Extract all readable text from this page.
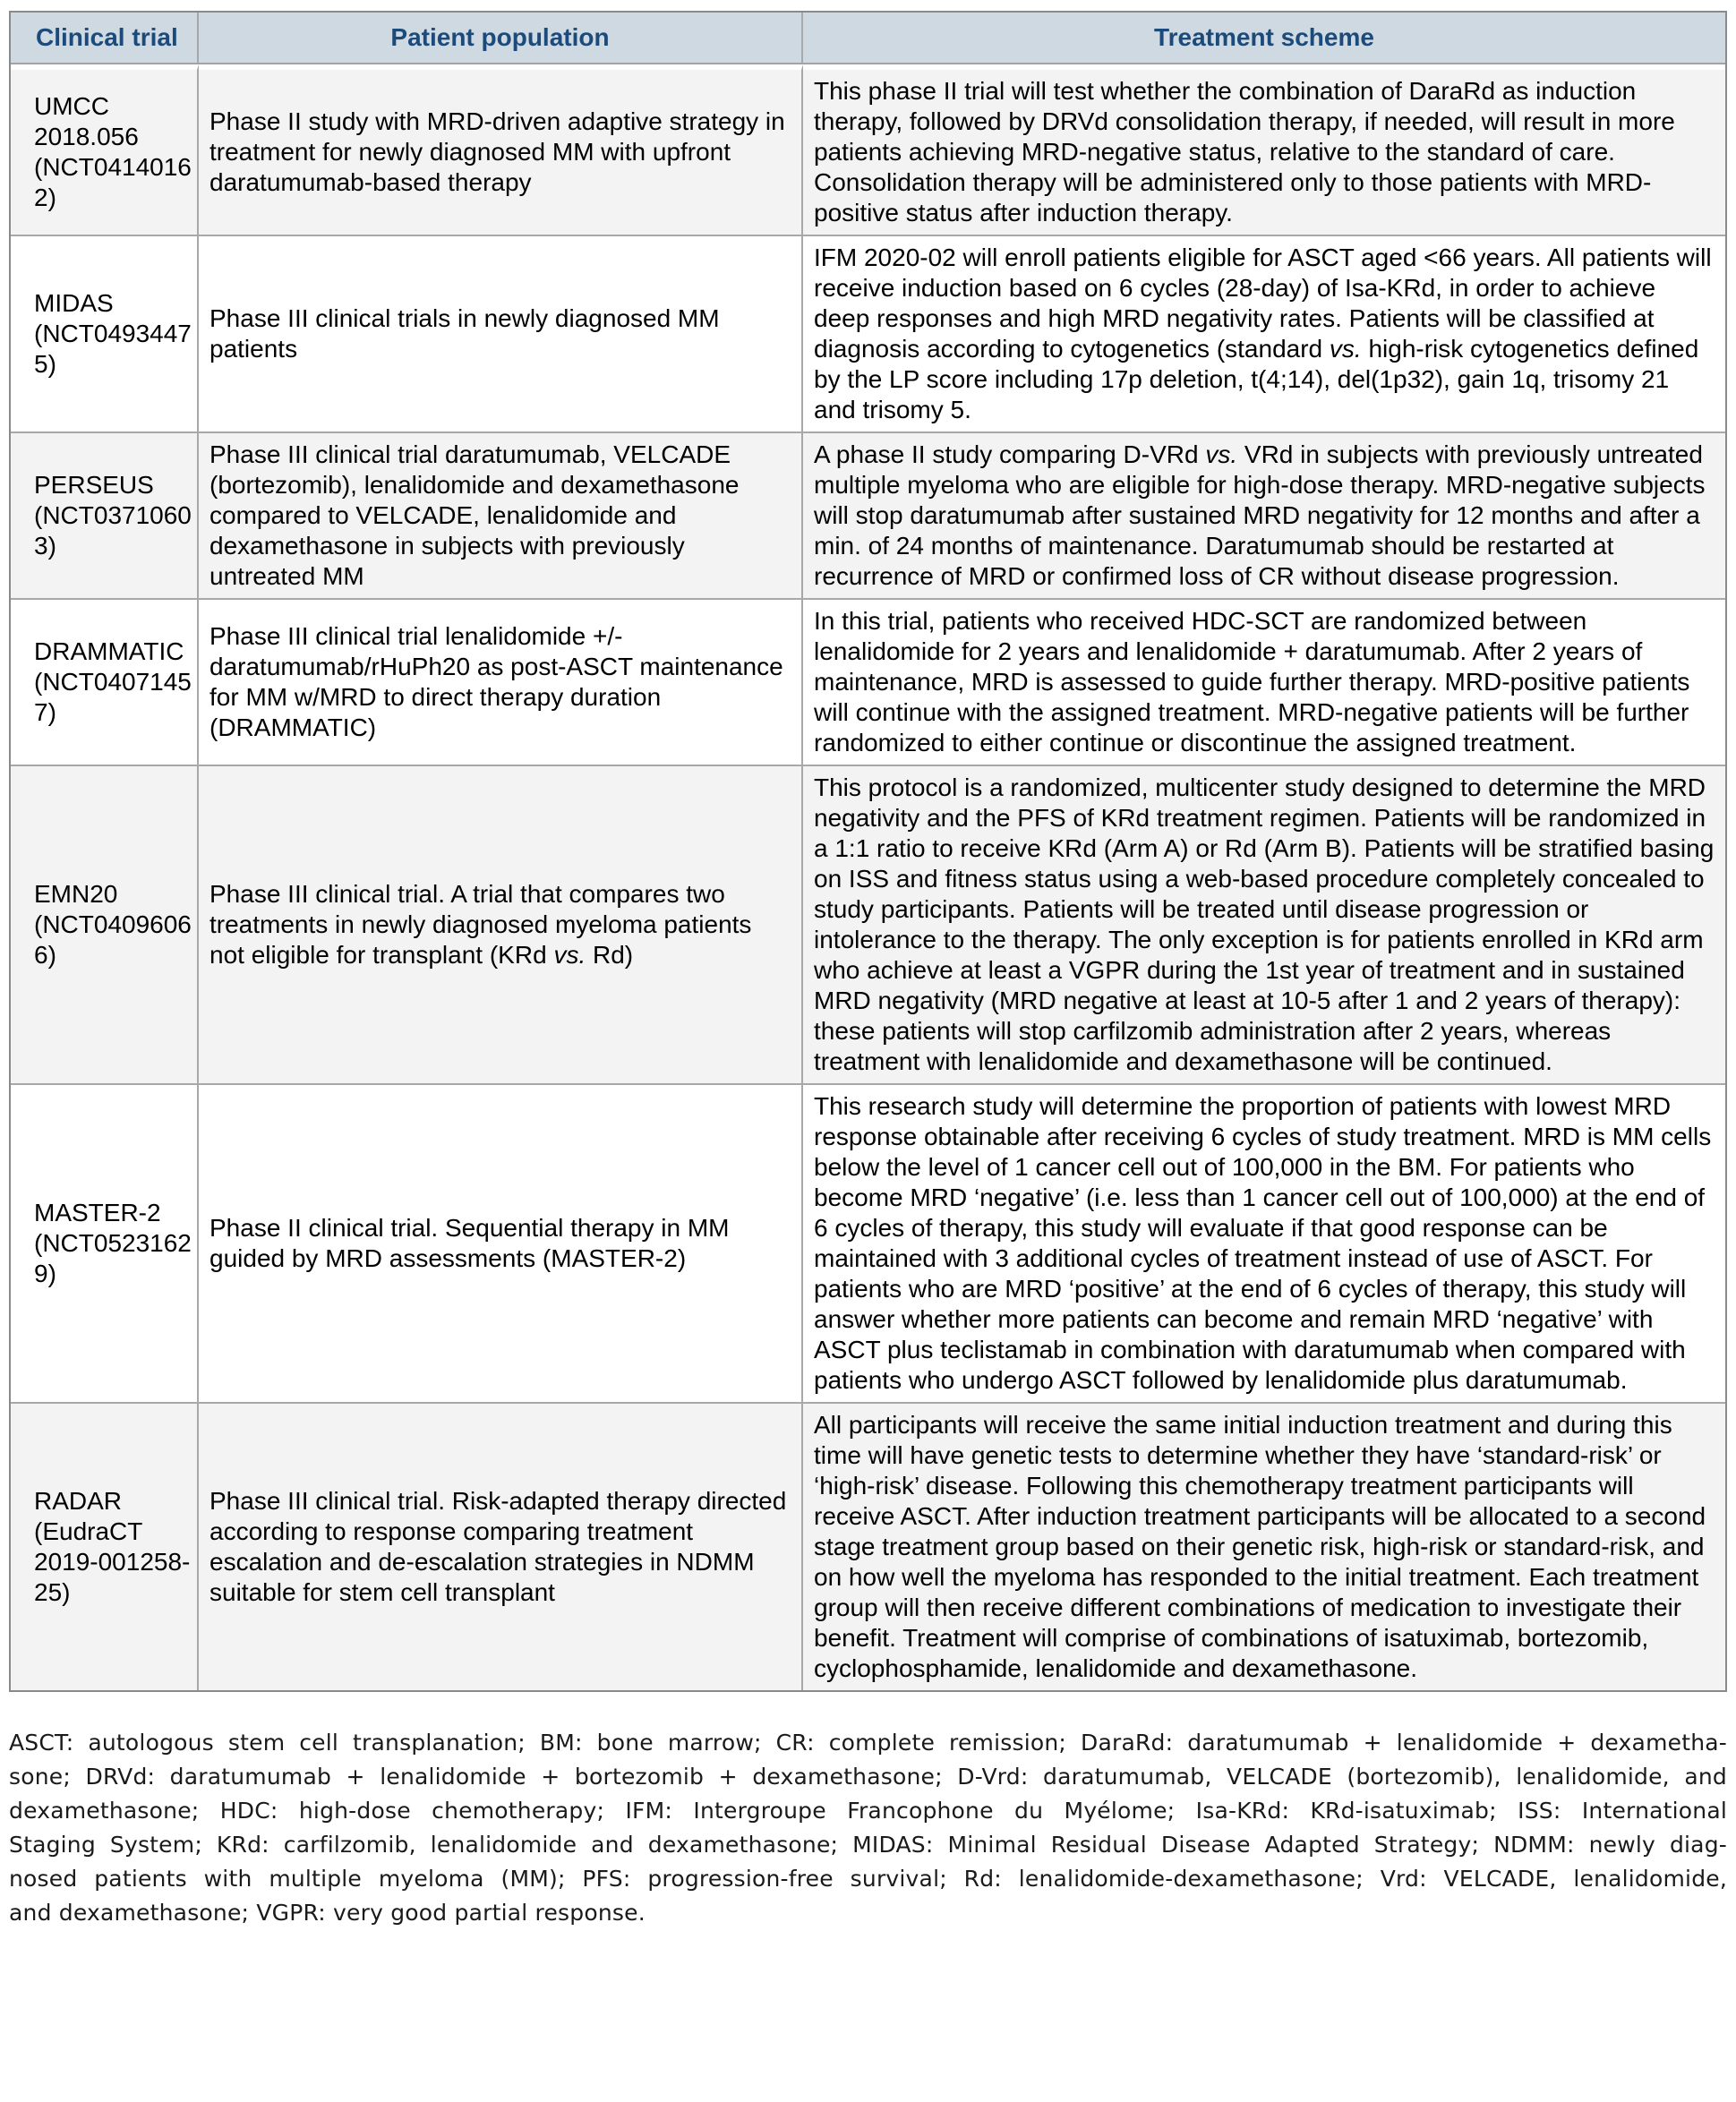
Clinical trial	Patient population	Treatment scheme
UMCC 2018.056 (NCT04140162)	Phase II study with MRD-driven adaptive strategy in treatment for newly diagnosed MM with upfront daratumumab-based therapy	This phase II trial will test whether the combination of DaraRd as induction therapy, followed by DRVd consolidation therapy, if needed, will result in more patients achieving MRD-negative status, relative to the standard of care. Consolidation therapy will be administered only to those patients with MRD-positive status after induction therapy.
MIDAS (NCT04934475)	Phase III clinical trials in newly diagnosed MM patients	IFM 2020-02 will enroll patients eligible for ASCT aged <66 years. All patients will receive induction based on 6 cycles (28-day) of Isa-KRd, in order to achieve deep responses and high MRD negativity rates. Patients will be classified at diagnosis according to cytogenetics (standard vs. high-risk cytogenetics defined by the LP score including 17p deletion, t(4;14), del(1p32), gain 1q, trisomy 21 and trisomy 5.
PERSEUS (NCT03710603)	Phase III clinical trial daratumumab, VELCADE (bortezomib), lenalidomide and dexamethasone compared to VELCADE, lenalidomide and dexamethasone in subjects with previously untreated MM	A phase II study comparing D-VRd vs. VRd in subjects with previously untreated multiple myeloma who are eligible for high-dose therapy. MRD-negative subjects will stop daratumumab after sustained MRD negativity for 12 months and after a min. of 24 months of maintenance. Daratumumab should be restarted at recurrence of MRD or confirmed loss of CR without disease progression.
DRAMMATIC (NCT04071457)	Phase III clinical trial lenalidomide +/- daratumumab/rHuPh20 as post-ASCT maintenance for MM w/MRD to direct therapy duration (DRAMMATIC)	In this trial, patients who received HDC-SCT are randomized between lenalidomide for 2 years and lenalidomide + daratumumab. After 2 years of maintenance, MRD is assessed to guide further therapy. MRD-positive patients will continue with the assigned treatment. MRD-negative patients will be further randomized to either continue or discontinue the assigned treatment.
EMN20 (NCT04096066)	Phase III clinical trial. A trial that compares two treatments in newly diagnosed myeloma patients not eligible for transplant (KRd vs. Rd)	This protocol is a randomized, multicenter study designed to determine the MRD negativity and the PFS of KRd treatment regimen. Patients will be randomized in a 1:1 ratio to receive KRd (Arm A) or Rd (Arm B). Patients will be stratified basing on ISS and fitness status using a web-based procedure completely concealed to study participants. Patients will be treated until disease progression or intolerance to the therapy. The only exception is for patients enrolled in KRd arm who achieve at least a VGPR during the 1st year of treatment and in sustained MRD negativity (MRD negative at least at 10-5 after 1 and 2 years of therapy): these patients will stop carfilzomib administration after 2 years, whereas treatment with lenalidomide and dexamethasone will be continued.
MASTER-2 (NCT05231629)	Phase II clinical trial. Sequential therapy in MM guided by MRD assessments (MASTER-2)	This research study will determine the proportion of patients with lowest MRD response obtainable after receiving 6 cycles of study treatment. MRD is MM cells below the level of 1 cancer cell out of 100,000 in the BM. For patients who become MRD ‘negative’ (i.e. less than 1 cancer cell out of 100,000) at the end of 6 cycles of therapy, this study will evaluate if that good response can be maintained with 3 additional cycles of treatment instead of use of ASCT. For patients who are MRD ‘positive’ at the end of 6 cycles of therapy, this study will answer whether more patients can become and remain MRD ‘negative’ with ASCT plus teclistamab in combination with daratumumab when compared with patients who undergo ASCT followed by lenalidomide plus daratumumab.
RADAR (EudraCT 2019-001258-25)	Phase III clinical trial. Risk-adapted therapy directed according to response comparing treatment escalation and de-escalation strategies in NDMM suitable for stem cell transplant	All participants will receive the same initial induction treatment and during this time will have genetic tests to determine whether they have ‘standard-risk’ or ‘high-risk’ disease. Following this chemotherapy treatment participants will receive ASCT. After induction treatment participants will be allocated to a second stage treatment group based on their genetic risk, high-risk or standard-risk, and on how well the myeloma has responded to the initial treatment. Each treatment group will then receive different combinations of medication to investigate their benefit. Treatment will comprise of combinations of isatuximab, bortezomib, cyclophosphamide, lenalidomide and dexamethasone.
ASCT: autologous stem cell transplanation; BM: bone marrow; CR: complete remission; DaraRd: daratumumab + lenalidomide + dexametha-
sone; DRVd: daratumumab + lenalidomide + bortezomib + dexamethasone; D-Vrd: daratumumab, VELCADE (bortezomib), lenalidomide, and
dexamethasone; HDC: high-dose chemotherapy; IFM: Intergroupe Francophone du Myélome; Isa-KRd: KRd-isatuximab; ISS: International
Staging System; KRd: carfilzomib, lenalidomide and dexamethasone; MIDAS: Minimal Residual Disease Adapted Strategy; NDMM: newly diag-
nosed patients with multiple myeloma (MM); PFS: progression-free survival; Rd: lenalidomide-dexamethasone; Vrd: VELCADE, lenalidomide,
and dexamethasone; VGPR: very good partial response.
